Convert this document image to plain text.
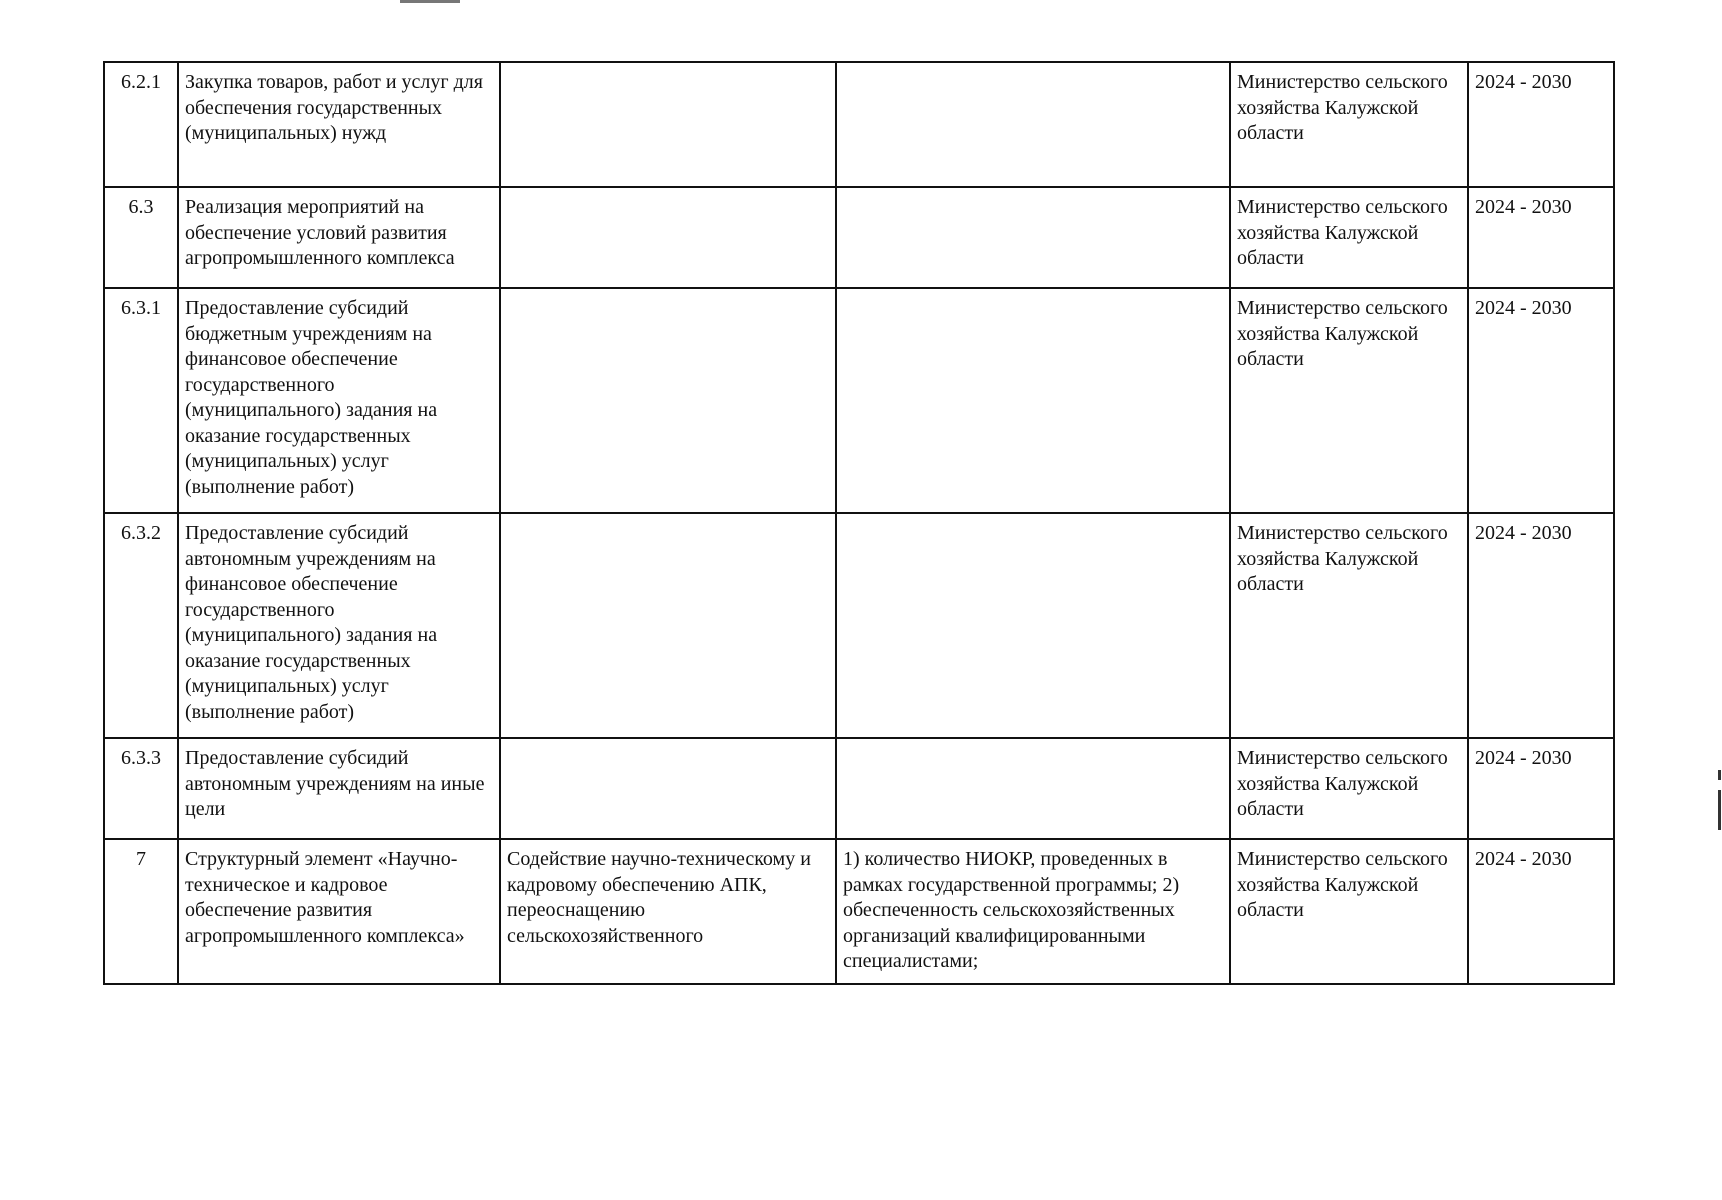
6.2.1	Закупка товаров, работ и услуг для обеспечения государственных (муниципальных) нужд			Министерство сельского хозяйства Калужской области	2024 - 2030
6.3	Реализация мероприятий на обеспечение условий развития агропромышленного комплекса			Министерство сельского хозяйства Калужской области	2024 - 2030
6.3.1	Предоставление субсидий бюджетным учреждениям на финансовое обеспечение государственного (муниципального) задания на оказание государственных (муниципальных) услуг (выполнение работ)			Министерство сельского хозяйства Калужской области	2024 - 2030
6.3.2	Предоставление субсидий автономным учреждениям на финансовое обеспечение государственного (муниципального) задания на оказание государственных (муниципальных) услуг (выполнение работ)			Министерство сельского хозяйства Калужской области	2024 - 2030
6.3.3	Предоставление субсидий автономным учреждениям на иные цели			Министерство сельского хозяйства Калужской области	2024 - 2030
7	Структурный элемент «Научно-техническое и кадровое обеспечение развития агропромышленного комплекса»	Содействие научно-техническому и кадровому обеспечению АПК, переоснащению сельскохозяйственного	1) количество НИОКР, проведенных в рамках государственной программы; 2) обеспеченность сельскохозяйственных организаций квалифицированными специалистами;	Министерство сельского хозяйства Калужской области	2024 - 2030
